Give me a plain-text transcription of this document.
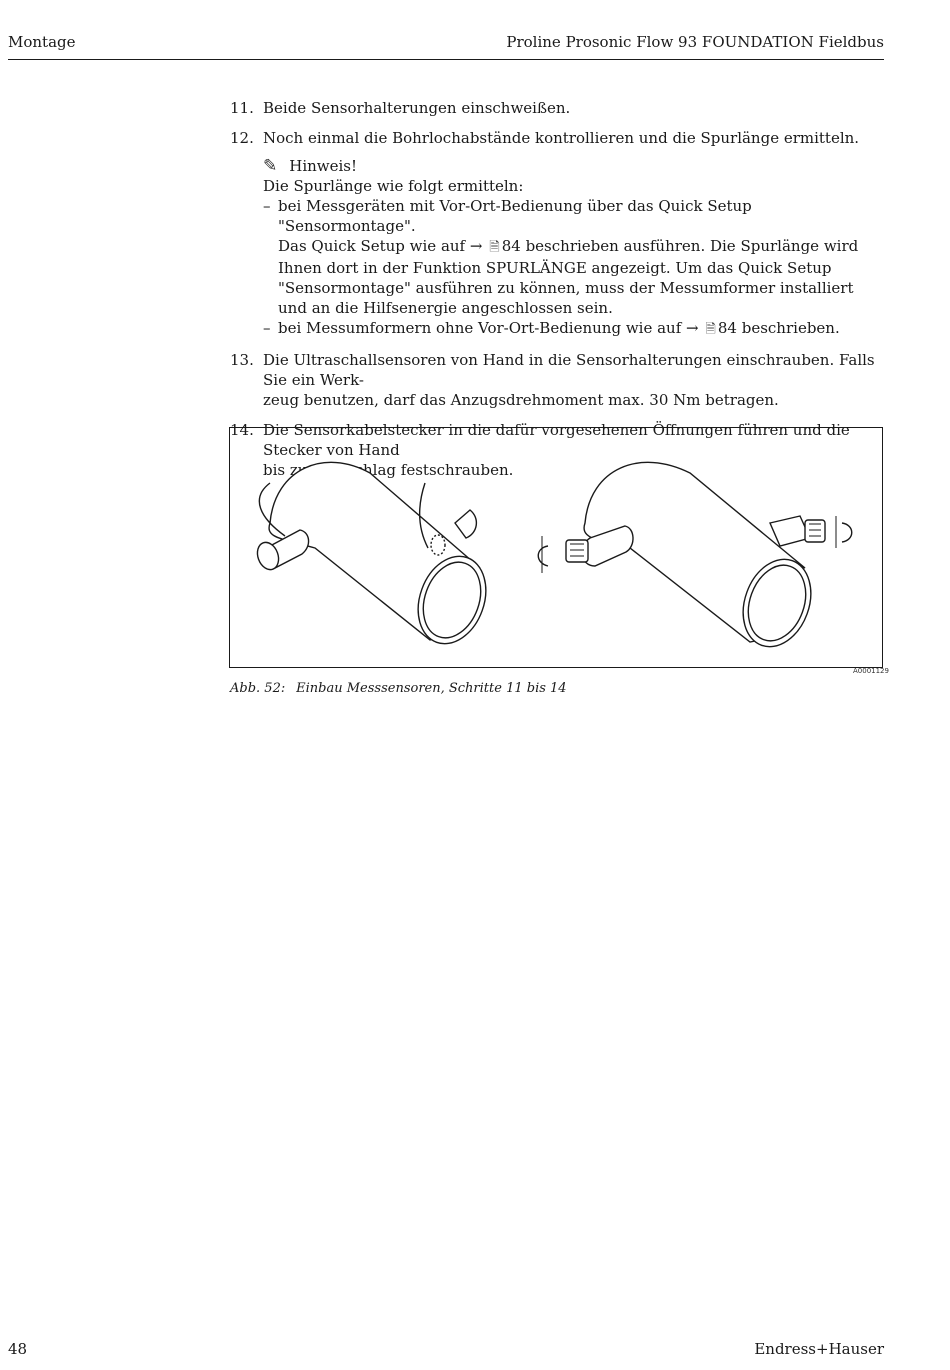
Montage	Proline Prosonic Flow 93 FOUNDATION Fieldbus
11. Beide Sensorhalterungen einschweißen.
12. Noch einmal die Bohrlochabstände kontrollieren und die Spurlänge ermitteln.
✎ Hinweis!
Die Spurlänge wie folgt ermitteln:
– bei Messgeräten mit Vor-Ort-Bedienung über das Quick Setup "Sensormontage".
Das Quick Setup wie auf → 🗎 84 beschrieben ausführen. Die Spurlänge wird Ihnen dort in der Funktion SPURLÄNGE angezeigt. Um das Quick Setup "Sensormontage" ausführen zu können, muss der Messumformer installiert und an die Hilfsenergie angeschlossen sein.
– bei Messumformern ohne Vor-Ort-Bedienung wie auf → 🗎 84 beschrieben.
13. Die Ultraschallsensoren von Hand in die Sensorhalterungen einschrauben. Falls Sie ein Werk-
zeug benutzen, darf das Anzugsdrehmoment max. 30 Nm betragen.
14. Die Sensorkabelstecker in die dafür vorgesehenen Öffnungen führen und die Stecker von Hand
bis festschrauben.
A0001129
Abb. 52: Einbau Messsensoren, Schritte 11 bis 14
48	Endress+Hauser
